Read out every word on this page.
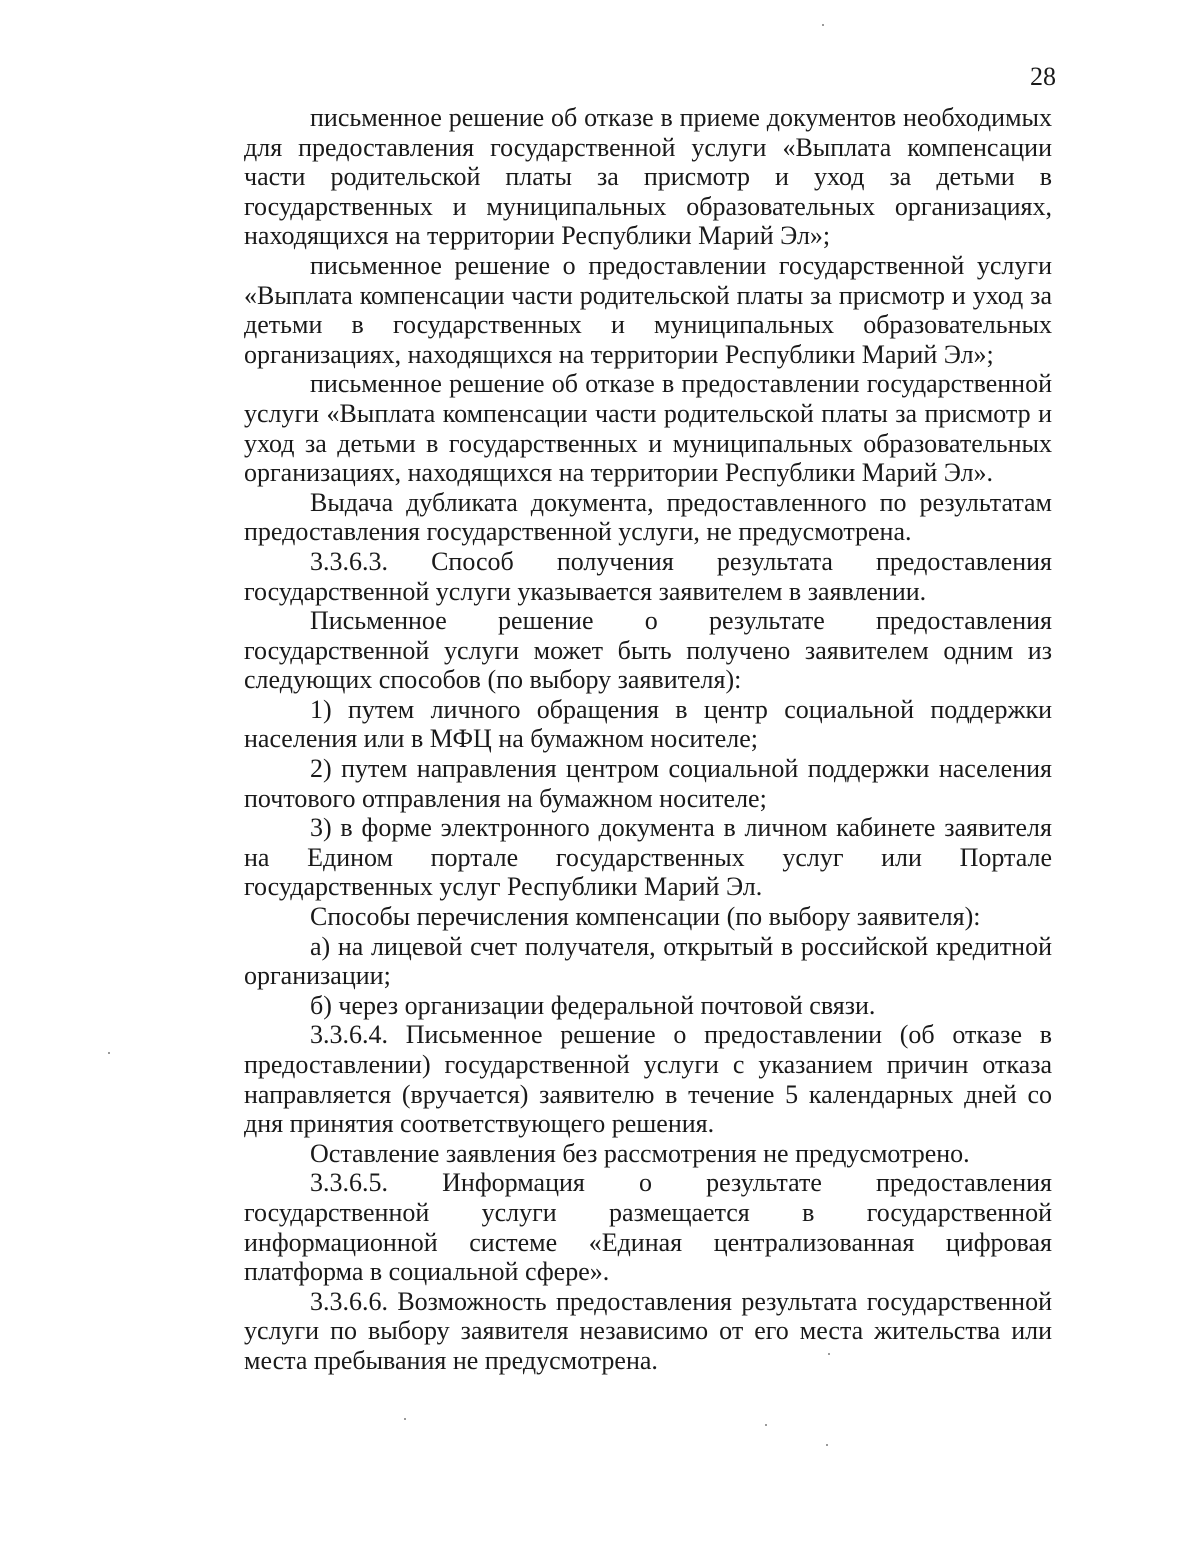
28

письменное решение об отказе в приеме документов необходимых для предоставления государственной услуги «Выплата компенсации части родительской платы за присмотр и уход за детьми в государственных и муниципальных образовательных организациях, находящихся на территории Республики Марий Эл»;

письменное решение о предоставлении государственной услуги «Выплата компенсации части родительской платы за присмотр и уход за детьми в государственных и муниципальных образовательных организациях, находящихся на территории Республики Марий Эл»;

письменное решение об отказе в предоставлении государственной услуги «Выплата компенсации части родительской платы за присмотр и уход за детьми в государственных и муниципальных образовательных организациях, находящихся на территории Республики Марий Эл».

Выдача дубликата документа, предоставленного по результатам предоставления государственной услуги, не предусмотрена.

3.3.6.3. Способ получения результата предоставления государственной услуги указывается заявителем в заявлении.

Письменное решение о результате предоставления государственной услуги может быть получено заявителем одним из следующих способов (по выбору заявителя):

1) путем личного обращения в центр социальной поддержки населения или в МФЦ на бумажном носителе;

2) путем направления центром социальной поддержки населения почтового отправления на бумажном носителе;

3) в форме электронного документа в личном кабинете заявителя на Едином портале государственных услуг или Портале государственных услуг Республики Марий Эл.

Способы перечисления компенсации (по выбору заявителя):

а) на лицевой счет получателя, открытый в российской кредитной организации;

б) через организации федеральной почтовой связи.

3.3.6.4. Письменное решение о предоставлении (об отказе в предоставлении) государственной услуги с указанием причин отказа направляется (вручается) заявителю в течение 5 календарных дней со дня принятия соответствующего решения.

Оставление заявления без рассмотрения не предусмотрено.

3.3.6.5. Информация о результате предоставления государственной услуги размещается в государственной информационной системе «Единая централизованная цифровая платформа в социальной сфере».

3.3.6.6. Возможность предоставления результата государственной услуги по выбору заявителя независимо от его места жительства или места пребывания не предусмотрена.
